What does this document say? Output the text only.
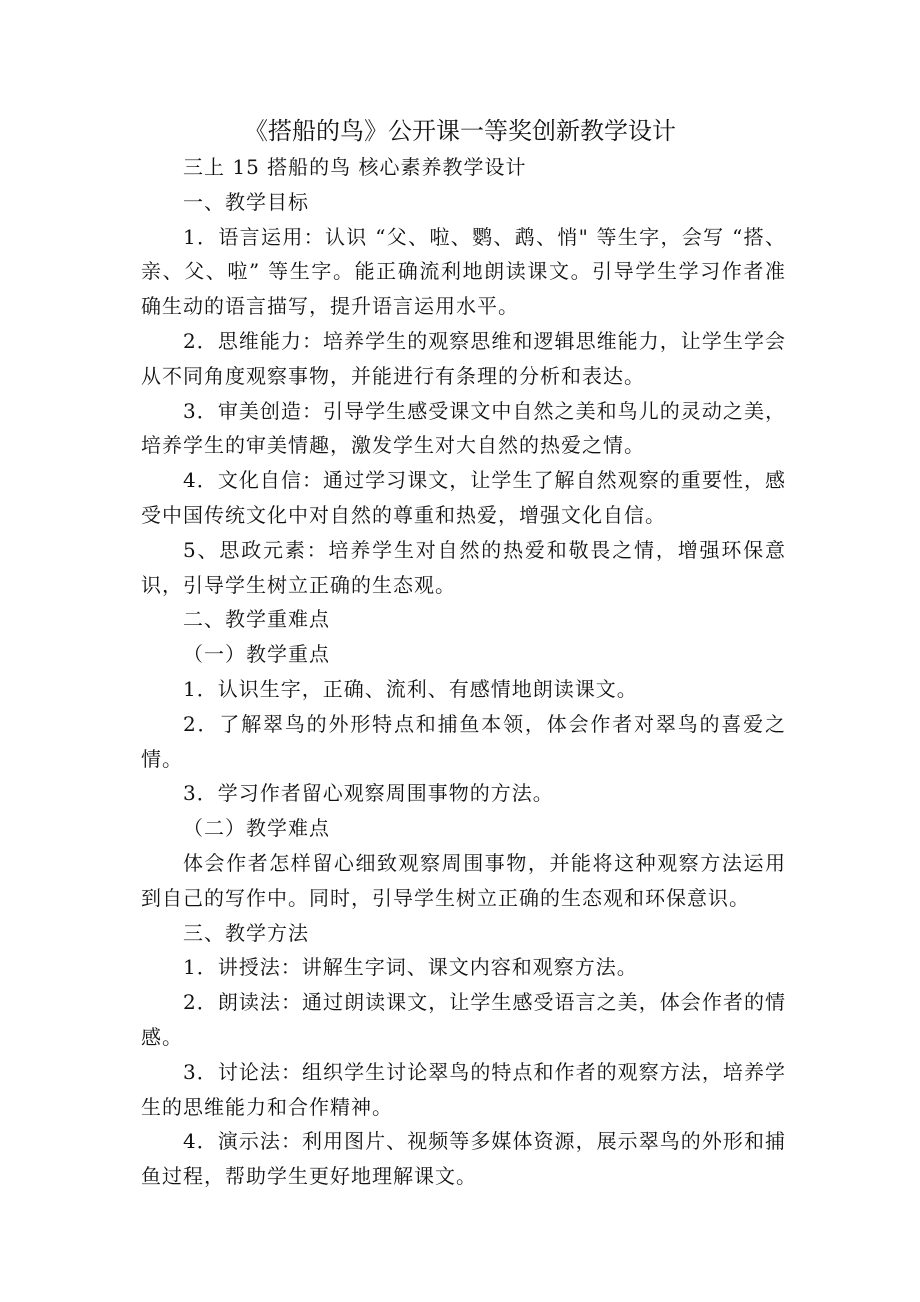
《搭船的鸟》公开课一等奖创新教学设计

三上 15 搭船的鸟 核心素养教学设计

一、教学目标

1．语言运用：认识 “父、啦、鹦、鹉、悄" 等生字，会写 “搭、亲、父、啦” 等生字。能正确流利地朗读课文。引导学生学习作者准确生动的语言描写，提升语言运用水平。

2．思维能力：培养学生的观察思维和逻辑思维能力，让学生学会从不同角度观察事物，并能进行有条理的分析和表达。

3．审美创造：引导学生感受课文中自然之美和鸟儿的灵动之美，培养学生的审美情趣，激发学生对大自然的热爱之情。

4．文化自信：通过学习课文，让学生了解自然观察的重要性，感受中国传统文化中对自然的尊重和热爱，增强文化自信。

5、思政元素：培养学生对自然的热爱和敬畏之情，增强环保意识，引导学生树立正确的生态观。

二、教学重难点

（一）教学重点

1．认识生字，正确、流利、有感情地朗读课文。

2．了解翠鸟的外形特点和捕鱼本领，体会作者对翠鸟的喜爱之情。

3．学习作者留心观察周围事物的方法。

（二）教学难点

体会作者怎样留心细致观察周围事物，并能将这种观察方法运用到自己的写作中。同时，引导学生树立正确的生态观和环保意识。

三、教学方法

1．讲授法：讲解生字词、课文内容和观察方法。

2．朗读法：通过朗读课文，让学生感受语言之美，体会作者的情感。

3．讨论法：组织学生讨论翠鸟的特点和作者的观察方法，培养学生的思维能力和合作精神。

4．演示法：利用图片、视频等多媒体资源，展示翠鸟的外形和捕鱼过程，帮助学生更好地理解课文。
